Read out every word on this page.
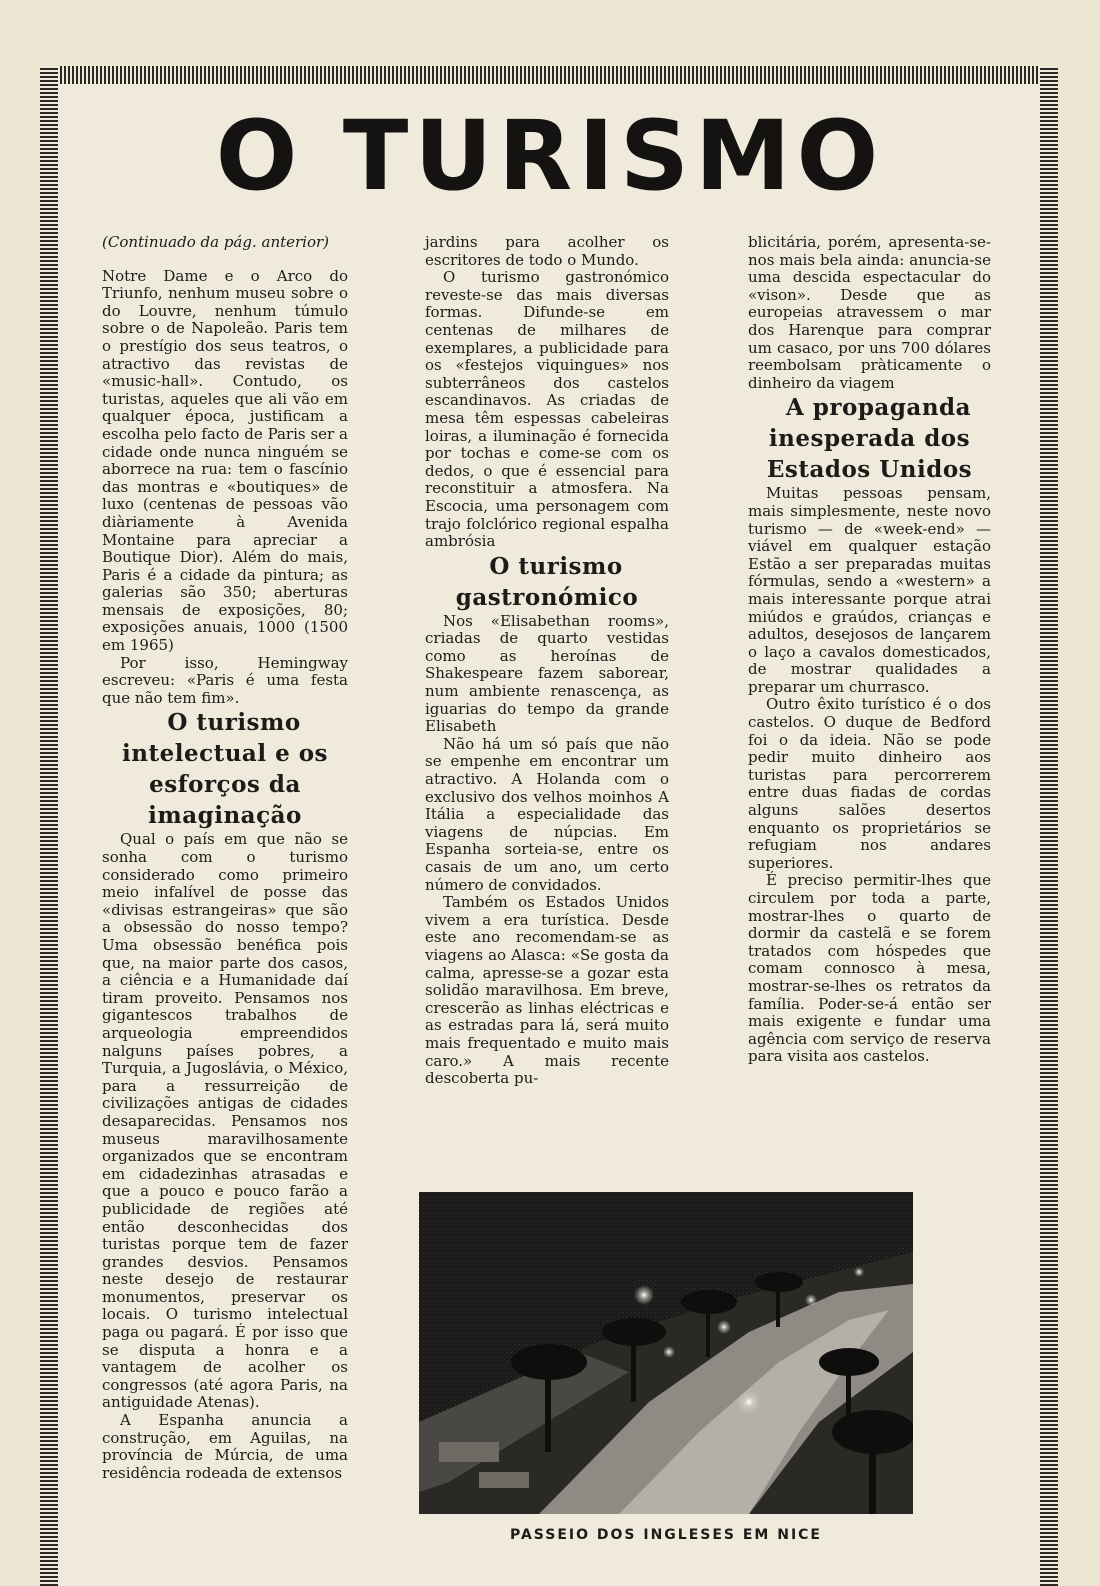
O TURISMO

(Continuado da pág. anterior)

Notre Dame e o Arco do Triunfo, nenhum museu sobre o do Louvre, nenhum túmulo sobre o de Napoleão. Paris tem o prestígio dos seus teatros, o atractivo das revistas de «music-hall». Contudo, os turistas, aqueles que ali vão em qualquer época, justificam a escolha pelo facto de Paris ser a cidade onde nunca ninguém se aborrece na rua: tem o fascínio das montras e «boutiques» de luxo (centenas de pessoas vão diàriamente à Avenida Montaine para apreciar a Boutique Dior). Além do mais, Paris é a cidade da pintura; as galerias são 350; aberturas mensais de exposições, 80; exposições anuais, 1000 (1500 em 1965)

Por isso, Hemingway escreveu: «Paris é uma festa que não tem fim».

O turismo intelectual e os esforços da imaginação

Qual o país em que não se sonha com o turismo considerado como primeiro meio infalível de posse das «divisas estrangeiras» que são a obsessão do nosso tempo? Uma obsessão benéfica pois que, na maior parte dos casos, a ciência e a Humanidade daí tiram proveito. Pensamos nos gigantescos trabalhos de arqueologia empreendidos nalguns países pobres, a Turquia, a Jugoslávia, o México, para a ressurreição de civilizações antigas de cidades desaparecidas. Pensamos nos museus maravilhosamente organizados que se encontram em cidadezinhas atrasadas e que a pouco e pouco farão a publicidade de regiões até então desconhecidas dos turistas porque tem de fazer grandes desvios. Pensamos neste desejo de restaurar monumentos, preservar os locais. O turismo intelectual paga ou pagará. É por isso que se disputa a honra e a vantagem de acolher os congressos (até agora Paris, na antiguidade Atenas).

A Espanha anuncia a construção, em Aguilas, na província de Múrcia, de uma residência rodeada de extensos

jardins para acolher os escritores de todo o Mundo.

O turismo gastronómico reveste-se das mais diversas formas. Difunde-se em centenas de milhares de exemplares, a publicidade para os «festejos viquingues» nos subterrâneos dos castelos escandinavos. As criadas de mesa têm espessas cabeleiras loiras, a iluminação é fornecida por tochas e come-se com os dedos, o que é essencial para reconstituir a atmosfera. Na Escocia, uma personagem com trajo folclórico regional espalha ambrósia

O turismo gastronómico

Nos «Elisabethan rooms», criadas de quarto vestidas como as heroínas de Shakespeare fazem saborear, num ambiente renascença, as iguarias do tempo da grande Elisabeth

Não há um só país que não se empenhe em encontrar um atractivo. A Holanda com o exclusivo dos velhos moinhos A Itália a especialidade das viagens de núpcias. Em Espanha sorteia-se, entre os casais de um ano, um certo número de convidados.

Também os Estados Unidos vivem a era turística. Desde este ano recomendam-se as viagens ao Alasca: «Se gosta da calma, apresse-se a gozar esta solidão maravilhosa. Em breve, crescerão as linhas eléctricas e as estradas para lá, será muito mais frequentado e muito mais caro.» A mais recente descoberta pu-

blicitária, porém, apresenta-se-nos mais bela ainda: anuncia-se uma descida espectacular do «vison». Desde que as europeias atravessem o mar dos Harenque para comprar um casaco, por uns 700 dólares reembolsam pràticamente o dinheiro da viagem

A propaganda inesperada dos Estados Unidos

Muitas pessoas pensam, mais simplesmente, neste novo turismo — de «week-end» — viável em qualquer estação Estão a ser preparadas muitas fórmulas, sendo a «western» a mais interessante porque atrai miúdos e graúdos, crianças e adultos, desejosos de lançarem o laço a cavalos domesticados, de mostrar qualidades a preparar um churrasco.

Outro êxito turístico é o dos castelos. O duque de Bedford foi o da ideia. Não se pode pedir muito dinheiro aos turistas para percorrerem entre duas fiadas de cordas alguns salões desertos enquanto os proprietários se refugiam nos andares superiores.

É preciso permitir-lhes que circulem por toda a parte, mostrar-lhes o quarto de dormir da castelã e se forem tratados com hóspedes que comam connosco à mesa, mostrar-se-lhes os retratos da família. Poder-se-á então ser mais exigente e fundar uma agência com serviço de reserva para visita aos castelos.

PASSEIO DOS INGLESES EM NICE
